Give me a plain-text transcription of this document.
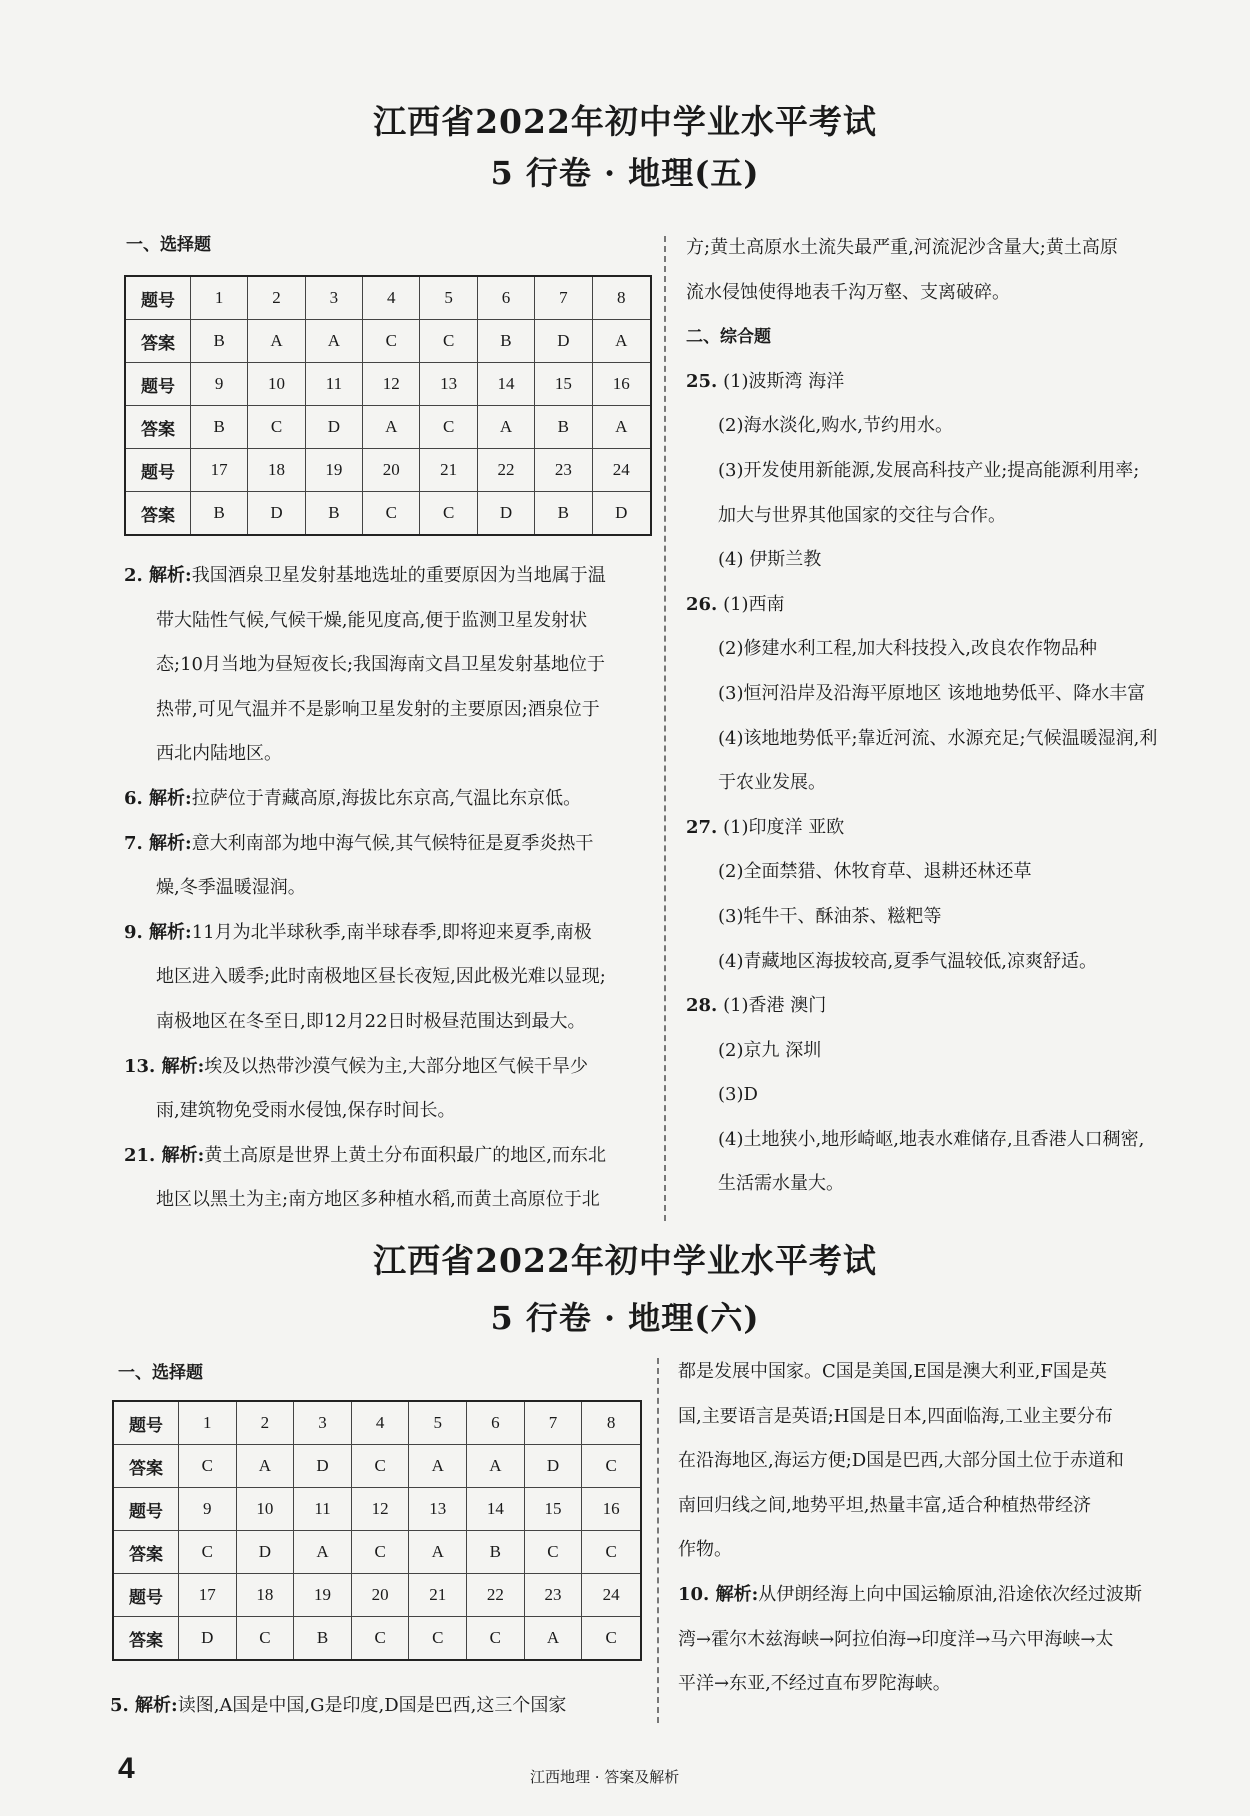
江西省2022年初中学业水平考试
5 行卷 · 地理(五)
一、选择题
题号	1	2	3	4	5	6	7	8
答案	B	A	A	C	C	B	D	A
题号	9	10	11	12	13	14	15	16
答案	B	C	D	A	C	A	B	A
题号	17	18	19	20	21	22	23	24
答案	B	D	B	C	C	D	B	D

2. 解析:我国酒泉卫星发射基地选址的重要原因为当地属于温

带大陆性气候,气候干燥,能见度高,便于监测卫星发射状

态;10月当地为昼短夜长;我国海南文昌卫星发射基地位于

热带,可见气温并不是影响卫星发射的主要原因;酒泉位于

西北内陆地区。

6. 解析:拉萨位于青藏高原,海拔比东京高,气温比东京低。

7. 解析:意大利南部为地中海气候,其气候特征是夏季炎热干

燥,冬季温暖湿润。

9. 解析:11月为北半球秋季,南半球春季,即将迎来夏季,南极

地区进入暖季;此时南极地区昼长夜短,因此极光难以显现;

南极地区在冬至日,即12月22日时极昼范围达到最大。

13. 解析:埃及以热带沙漠气候为主,大部分地区气候干旱少

雨,建筑物免受雨水侵蚀,保存时间长。

21. 解析:黄土高原是世界上黄土分布面积最广的地区,而东北

地区以黑土为主;南方地区多种植水稻,而黄土高原位于北

方;黄土高原水土流失最严重,河流泥沙含量大;黄土高原

流水侵蚀使得地表千沟万壑、支离破碎。

二、综合题

25. (1)波斯湾 海洋

(2)海水淡化,购水,节约用水。

(3)开发使用新能源,发展高科技产业;提高能源利用率;

加大与世界其他国家的交往与合作。

(4) 伊斯兰教

26. (1)西南

(2)修建水利工程,加大科技投入,改良农作物品种

(3)恒河沿岸及沿海平原地区 该地地势低平、降水丰富

(4)该地地势低平;靠近河流、水源充足;气候温暖湿润,利

于农业发展。

27. (1)印度洋 亚欧

(2)全面禁猎、休牧育草、退耕还林还草

(3)牦牛干、酥油茶、糍粑等

(4)青藏地区海拔较高,夏季气温较低,凉爽舒适。

28. (1)香港 澳门

(2)京九 深圳

(3)D

(4)土地狭小,地形崎岖,地表水难储存,且香港人口稠密,

生活需水量大。

江西省2022年初中学业水平考试
5 行卷 · 地理(六)
一、选择题
题号	1	2	3	4	5	6	7	8
答案	C	A	D	C	A	A	D	C
题号	9	10	11	12	13	14	15	16
答案	C	D	A	C	A	B	C	C
题号	17	18	19	20	21	22	23	24
答案	D	C	B	C	C	C	A	C

5. 解析:读图,A国是中国,G是印度,D国是巴西,这三个国家

都是发展中国家。C国是美国,E国是澳大利亚,F国是英

国,主要语言是英语;H国是日本,四面临海,工业主要分布

在沿海地区,海运方便;D国是巴西,大部分国土位于赤道和

南回归线之间,地势平坦,热量丰富,适合种植热带经济

作物。

10. 解析:从伊朗经海上向中国运输原油,沿途依次经过波斯

湾→霍尔木兹海峡→阿拉伯海→印度洋→马六甲海峡→太

平洋→东亚,不经过直布罗陀海峡。

4	江西地理 · 答案及解析
